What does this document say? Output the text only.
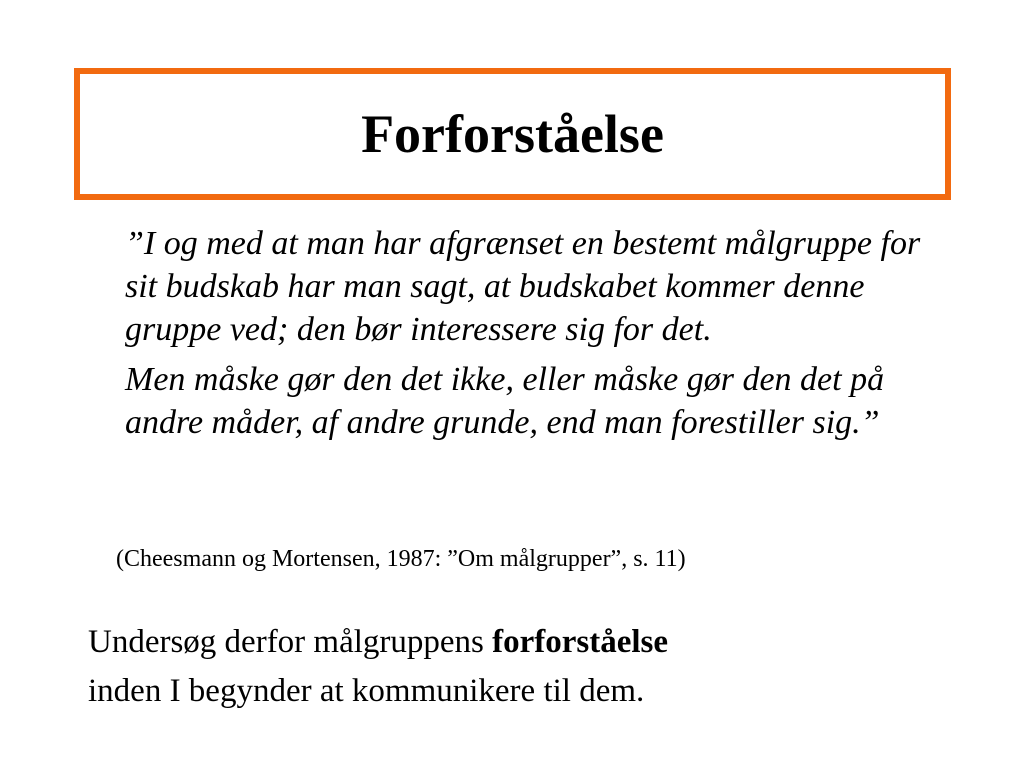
Forforståelse

”I og med at man har afgrænset en bestemt målgruppe for sit budskab har man sagt, at budskabet kommer denne gruppe ved; den bør interessere sig for det.

Men måske gør den det ikke, eller måske gør den det på andre måder, af andre grunde, end man forestiller sig.”

(Cheesmann og Mortensen, 1987: ”Om målgrupper”, s. 11)
Undersøg derfor målgruppens forforståelse
inden I begynder at kommunikere til dem.
